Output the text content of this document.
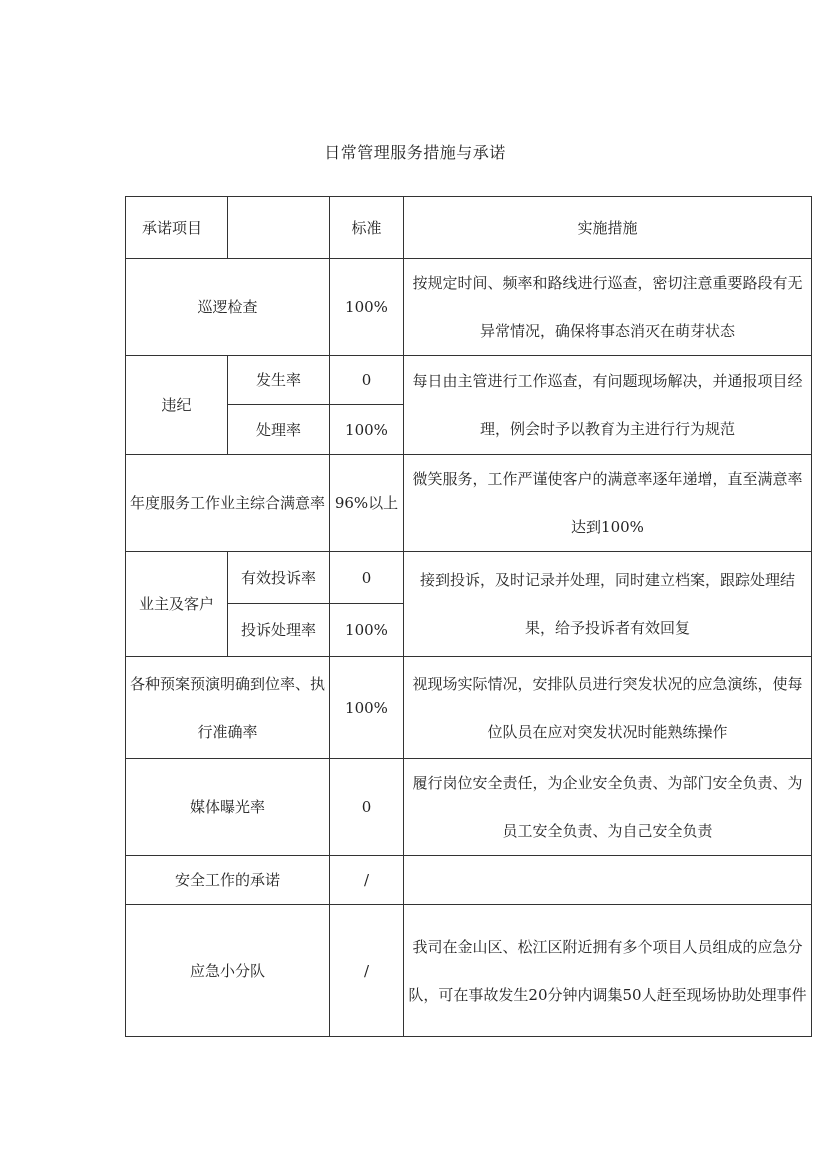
日常管理服务措施与承诺
承诺项目		标准	实施措施
巡逻检查		100%	按规定时间、频率和路线进行巡查，密切注意重要路段有无异常情况，确保将事态消灭在萌芽状态
违纪	发生率	0	每日由主管进行工作巡查，有问题现场解决，并通报项目经理，例会时予以教育为主进行行为规范
	处理率	100%	
年度服务工作业主综合满意率		96%以上	微笑服务，工作严谨使客户的满意率逐年递增，直至满意率达到100%
业主及客户	有效投诉率	0	接到投诉，及时记录并处理，同时建立档案，跟踪处理结果，给予投诉者有效回复
	投诉处理率	100%	
各种预案预演明确到位率、执行准确率		100%	视现场实际情况，安排队员进行突发状况的应急演练，使每位队员在应对突发状况时能熟练操作
媒体曝光率		0	履行岗位安全责任，为企业安全负责、为部门安全负责、为员工安全负责、为自己安全负责
安全工作的承诺		/	
应急小分队		/	我司在金山区、松江区附近拥有多个项目人员组成的应急分队，可在事故发生20分钟内调集50人赶至现场协助处理事件
